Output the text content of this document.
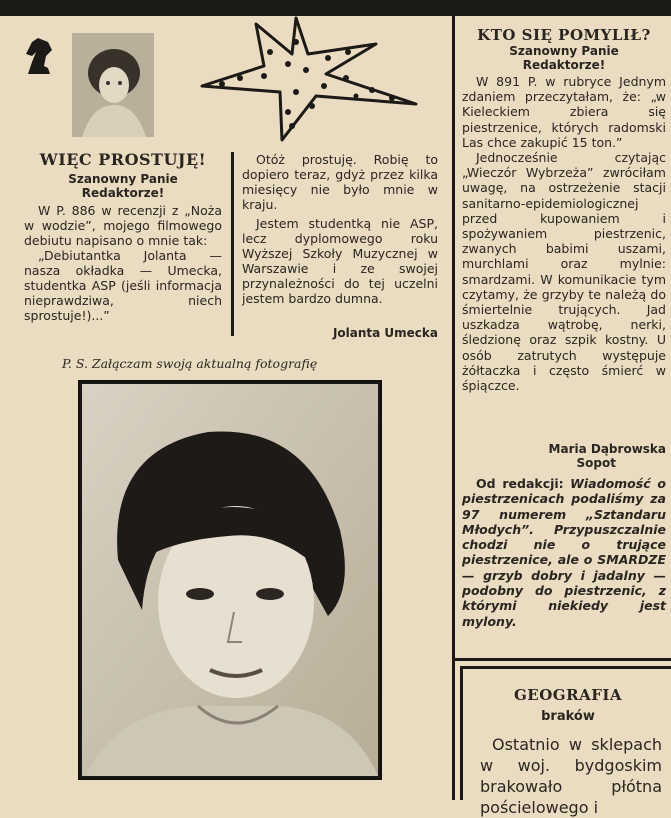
WIĘC PROSTUJĘ!
Szanowny Panie
Redaktorze!

W P. 886 w recenzji z „Noża w wodzie”, mojego filmowego debiutu napisano o mnie tak:

„Debiutantka Jolanta — nasza okładka — Umecka, studentka ASP (jeśli informacja nieprawdziwa, niech sprostuje!)...”

Otóż prostuję. Robię to dopiero teraz, gdyż przez kilka miesięcy nie było mnie w kraju.

Jestem studentką nie ASP, lecz dyplomowego roku Wyższej Szkoły Muzycznej w Warszawie i ze swojej przynależności do tej uczelni jestem bardzo dumna.

Jolanta Umecka
P. S. Załączam swoją aktualną fotografię
KTO SIĘ POMYLIŁ?
Szanowny Panie
Redaktorze!

W 891 P. w rubryce Jednym zdaniem przeczytałam, że: „w Kieleckiem zbiera się piestrzenice, których radomski Las chce zakupić 15 ton.”

Jednocześnie czytając „Wieczór Wybrzeża” zwróciłam uwagę, na ostrzeżenie stacji sanitarno-epidemiologicznej przed kupowaniem i spożywaniem piestrzenic, zwanych babimi uszami, murchlami oraz mylnie: smardzami. W komunikacie tym czytamy, że grzyby te należą do śmiertelnie trujących. Jad uszkadza wątrobę, nerki, śledzionę oraz szpik kostny. U osób zatrutych występuje żółtaczka i często śmierć w śpiączce.

Maria Dąbrowska
Sopot
Od redakcji: Wiadomość o piestrzenicach podaliśmy za 97 numerem „Sztandaru Młodych”. Przypuszczalnie chodzi nie o trujące piestrzenice, ale o SMARDZE — grzyb dobry i jadalny — podobny do piestrzenic, z którymi niekiedy jest mylony.
GEOGRAFIA
braków
Ostatnio w sklepach w woj. bydgoskim brakowało płótna pościelowego i
